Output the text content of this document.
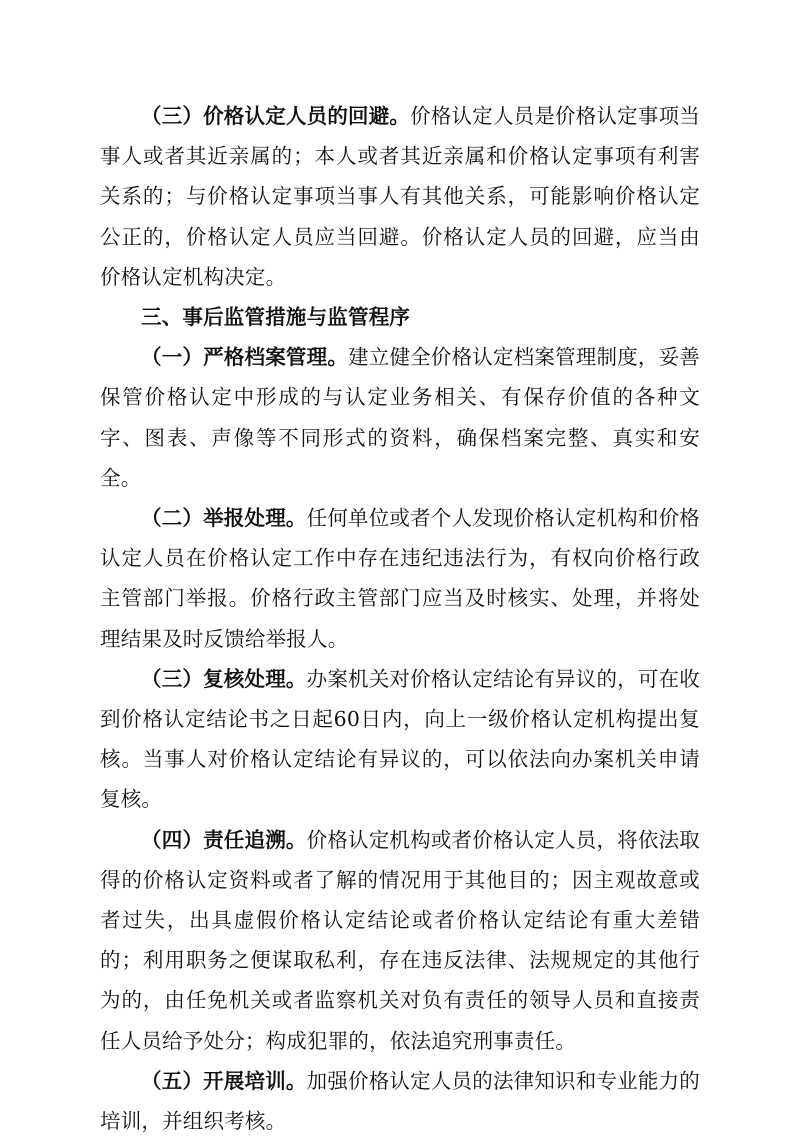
（三）价格认定人员的回避。价格认定人员是价格认定事项当事人或者其近亲属的；本人或者其近亲属和价格认定事项有利害关系的；与价格认定事项当事人有其他关系，可能影响价格认定公正的，价格认定人员应当回避。价格认定人员的回避，应当由价格认定机构决定。

三、事后监管措施与监管程序

（一）严格档案管理。建立健全价格认定档案管理制度，妥善保管价格认定中形成的与认定业务相关、有保存价值的各种文字、图表、声像等不同形式的资料，确保档案完整、真实和安全。

（二）举报处理。任何单位或者个人发现价格认定机构和价格认定人员在价格认定工作中存在违纪违法行为，有权向价格行政主管部门举报。价格行政主管部门应当及时核实、处理，并将处理结果及时反馈给举报人。

（三）复核处理。办案机关对价格认定结论有异议的，可在收到价格认定结论书之日起60日内，向上一级价格认定机构提出复核。当事人对价格认定结论有异议的，可以依法向办案机关申请复核。

（四）责任追溯。价格认定机构或者价格认定人员，将依法取得的价格认定资料或者了解的情况用于其他目的；因主观故意或者过失，出具虚假价格认定结论或者价格认定结论有重大差错的；利用职务之便谋取私利，存在违反法律、法规规定的其他行为的，由任免机关或者监察机关对负有责任的领导人员和直接责任人员给予处分；构成犯罪的，依法追究刑事责任。

（五）开展培训。加强价格认定人员的法律知识和专业能力的培训，并组织考核。
